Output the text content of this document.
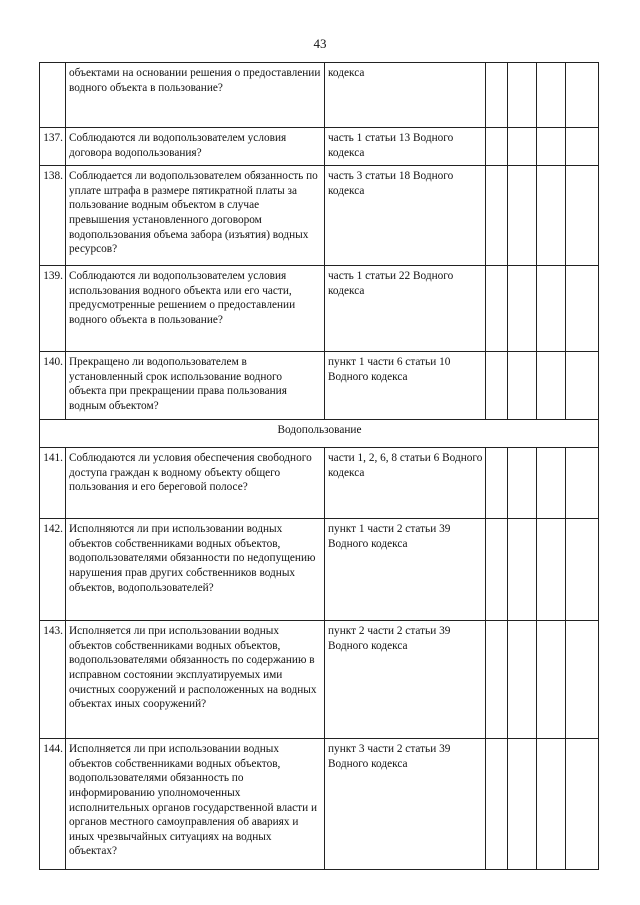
43
	объектами на основании решения о предоставлении водного объекта в пользование?	кодекса				
137.	Соблюдаются ли водопользователем условия договора водопользования?	часть 1 статьи 13 Водного кодекса				
138.	Соблюдается ли водопользователем обязанность по уплате штрафа в размере пятикратной платы за пользование водным объектом в случае превышения установленного договором водопользования объема забора (изъятия) водных ресурсов?	часть 3 статьи 18 Водного кодекса				
139.	Соблюдаются ли водопользователем условия использования водного объекта или его части, предусмотренные решением о предоставлении водного объекта в пользование?	часть 1 статьи 22 Водного кодекса				
140.	Прекращено ли водопользователем в установленный срок использование водного объекта при прекращении права пользования водным объектом?	пункт 1 части 6 статьи 10 Водного кодекса				
Водопользование						
141.	Соблюдаются ли условия обеспечения свободного доступа граждан к водному объекту общего пользования и его береговой полосе?	части 1, 2, 6, 8 статьи 6 Водного кодекса				
142.	Исполняются ли при использовании водных объектов собственниками водных объектов, водопользователями обязанности по недопущению нарушения прав других собственников водных объектов, водопользователей?	пункт 1 части 2 статьи 39 Водного кодекса				
143.	Исполняется ли при использовании водных объектов собственниками водных объектов, водопользователями обязанность по содержанию в исправном состоянии эксплуатируемых ими очистных сооружений и расположенных на водных объектах иных сооружений?	пункт 2 части 2 статьи 39 Водного кодекса				
144.	Исполняется ли при использовании водных объектов собственниками водных объектов, водопользователями обязанность по информированию уполномоченных исполнительных органов государственной власти и органов местного самоуправления об авариях и иных чрезвычайных ситуациях на водных объектах?	пункт 3 части 2 статьи 39 Водного кодекса				
